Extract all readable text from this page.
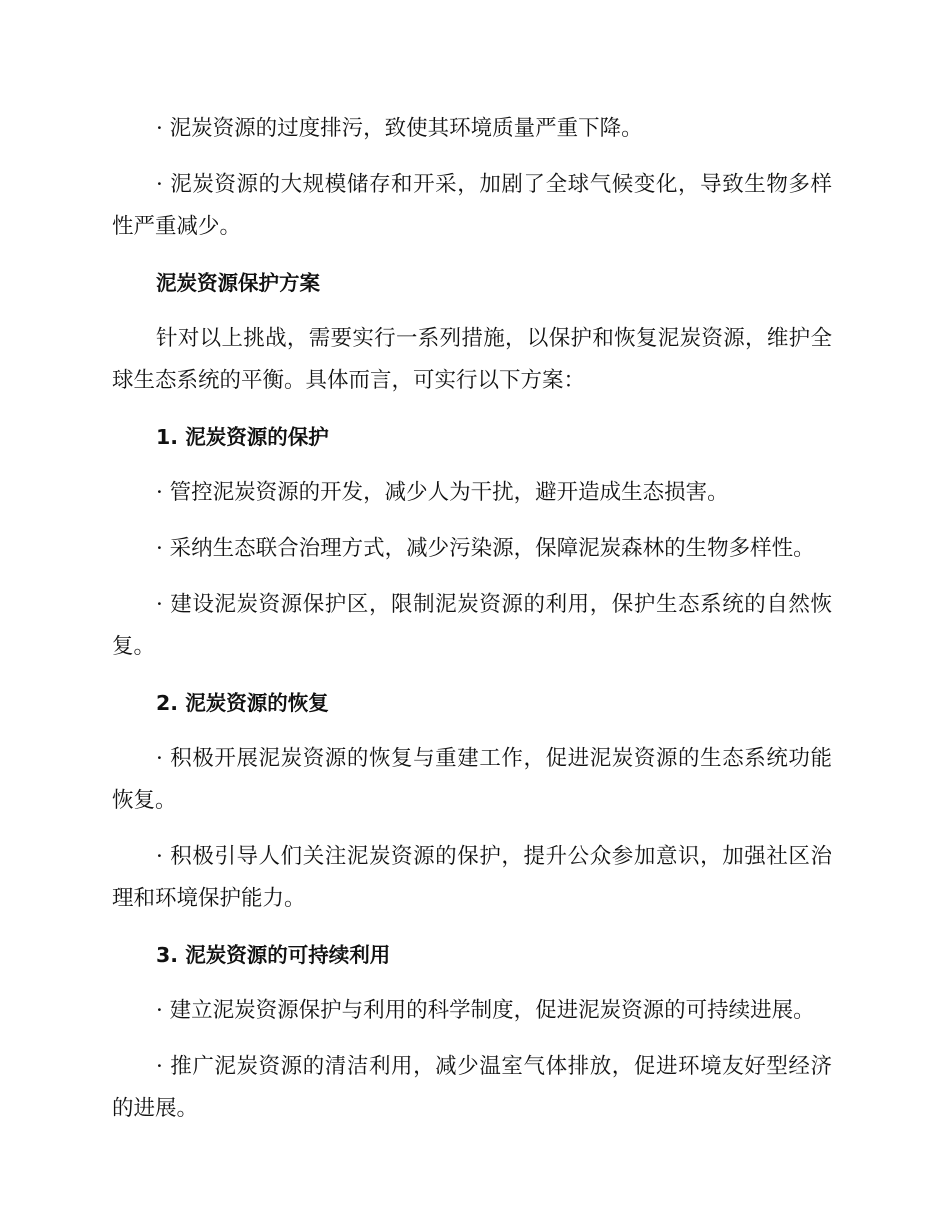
· 泥炭资源的过度排污，致使其环境质量严重下降。

· 泥炭资源的大规模储存和开采，加剧了全球气候变化，导致生物多样性严重减少。

泥炭资源保护方案

针对以上挑战，需要实行一系列措施，以保护和恢复泥炭资源，维护全球生态系统的平衡。具体而言，可实行以下方案：

1. 泥炭资源的保护

· 管控泥炭资源的开发，减少人为干扰，避开造成生态损害。

· 采纳生态联合治理方式，减少污染源，保障泥炭森林的生物多样性。

· 建设泥炭资源保护区，限制泥炭资源的利用，保护生态系统的自然恢复。

2. 泥炭资源的恢复

· 积极开展泥炭资源的恢复与重建工作，促进泥炭资源的生态系统功能恢复。

· 积极引导人们关注泥炭资源的保护，提升公众参加意识，加强社区治理和环境保护能力。

3. 泥炭资源的可持续利用

· 建立泥炭资源保护与利用的科学制度，促进泥炭资源的可持续进展。

· 推广泥炭资源的清洁利用，减少温室气体排放，促进环境友好型经济的进展。
